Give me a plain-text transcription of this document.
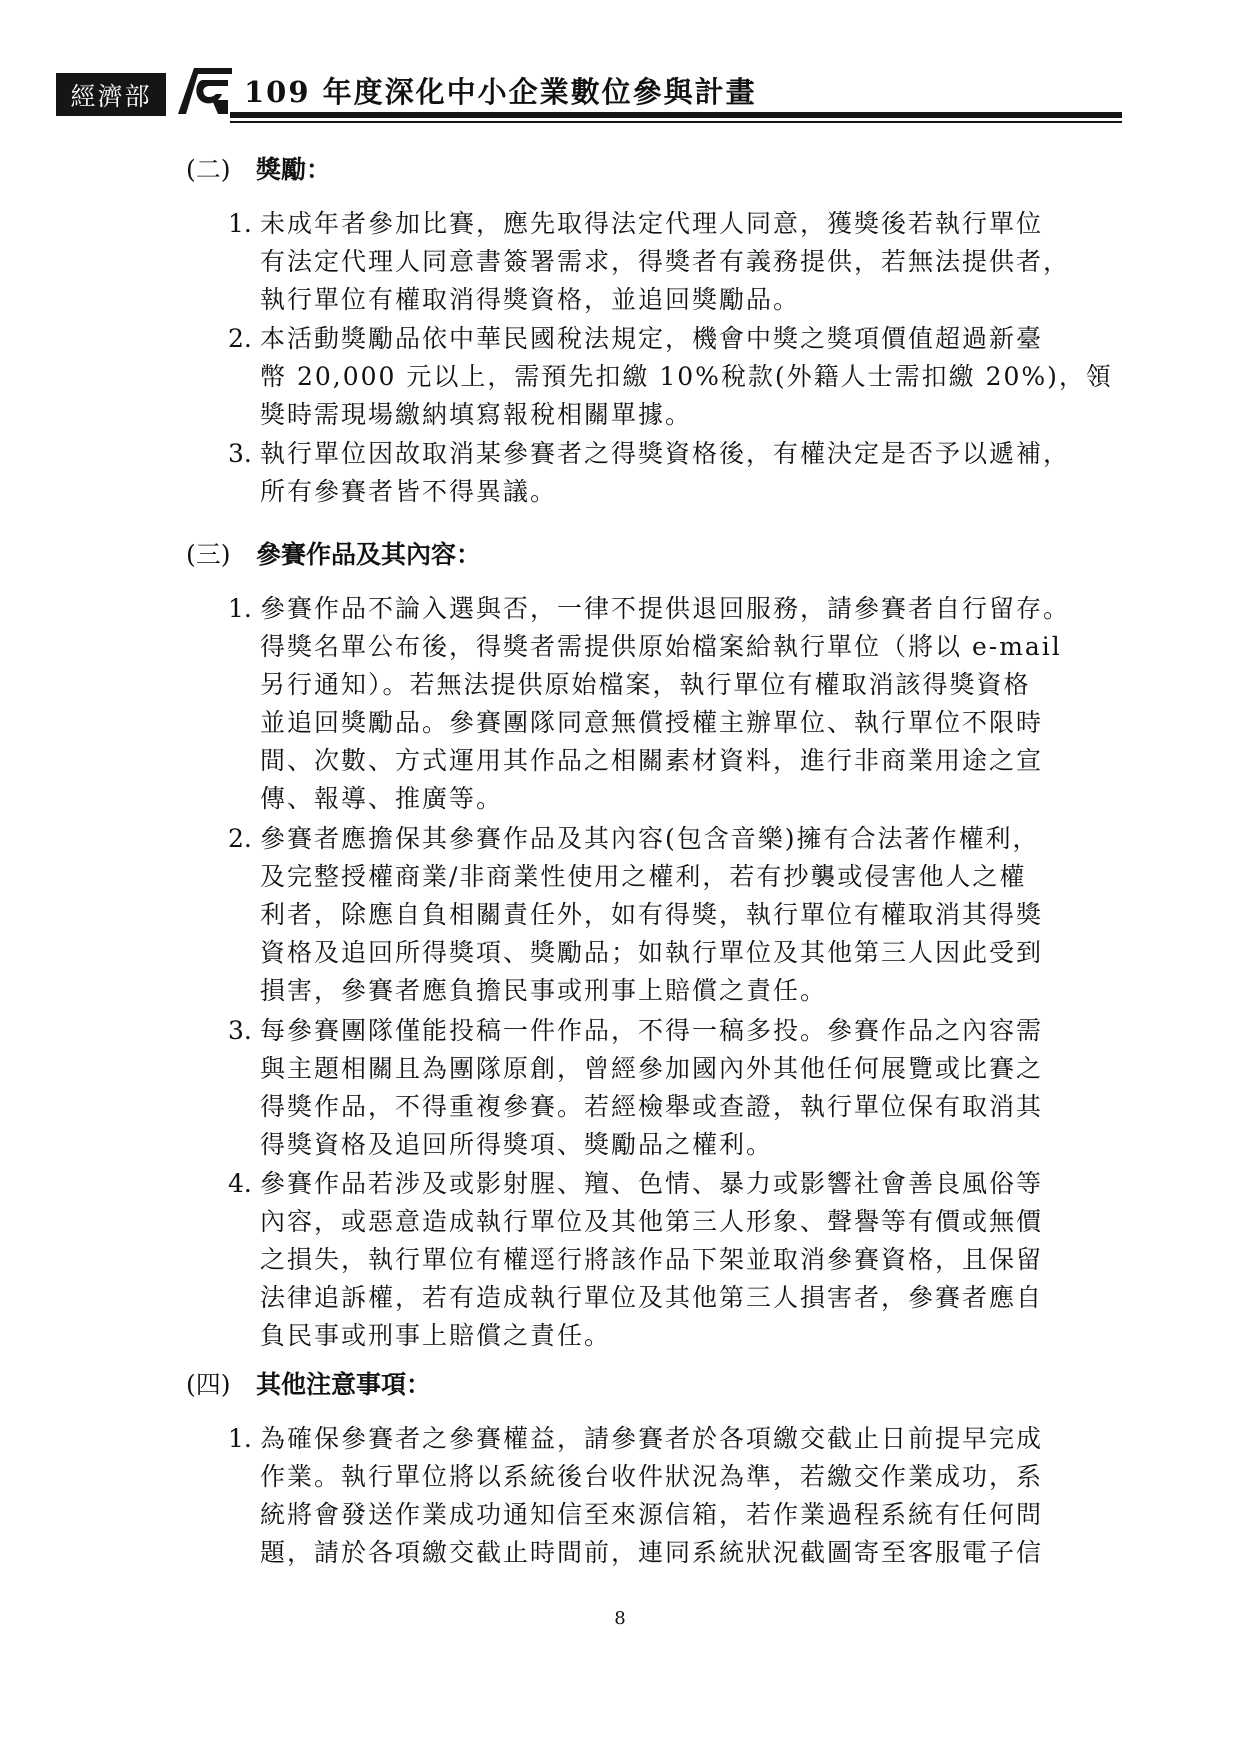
經濟部	109 年度深化中小企業數位參與計畫
(二) 獎勵：
1. 未成年者參加比賽，應先取得法定代理人同意，獲獎後若執行單位
有法定代理人同意書簽署需求，得獎者有義務提供，若無法提供者，
執行單位有權取消得獎資格，並追回獎勵品。
2. 本活動獎勵品依中華民國稅法規定，機會中獎之獎項價值超過新臺
幣 20,000 元以上，需預先扣繳 10%稅款(外籍人士需扣繳 20%)，領
獎時需現場繳納填寫報稅相關單據。
3. 執行單位因故取消某參賽者之得獎資格後，有權決定是否予以遞補，
所有參賽者皆不得異議。
(三) 參賽作品及其內容：
1. 參賽作品不論入選與否，一律不提供退回服務，請參賽者自行留存。
得獎名單公布後，得獎者需提供原始檔案給執行單位（將以 e-mail
另行通知）。若無法提供原始檔案，執行單位有權取消該得獎資格
並追回獎勵品。參賽團隊同意無償授權主辦單位、執行單位不限時
間、次數、方式運用其作品之相關素材資料，進行非商業用途之宣
傳、報導、推廣等。
2. 參賽者應擔保其參賽作品及其內容(包含音樂)擁有合法著作權利，
及完整授權商業/非商業性使用之權利，若有抄襲或侵害他人之權
利者，除應自負相關責任外，如有得獎，執行單位有權取消其得獎
資格及追回所得獎項、獎勵品；如執行單位及其他第三人因此受到
損害，參賽者應負擔民事或刑事上賠償之責任。
3. 每參賽團隊僅能投稿一件作品，不得一稿多投。參賽作品之內容需
與主題相關且為團隊原創，曾經參加國內外其他任何展覽或比賽之
得獎作品，不得重複參賽。若經檢舉或查證，執行單位保有取消其
得獎資格及追回所得獎項、獎勵品之權利。
4. 參賽作品若涉及或影射腥、羶、色情、暴力或影響社會善良風俗等
內容，或惡意造成執行單位及其他第三人形象、聲譽等有價或無價
之損失，執行單位有權逕行將該作品下架並取消參賽資格，且保留
法律追訴權，若有造成執行單位及其他第三人損害者，參賽者應自
負民事或刑事上賠償之責任。
(四) 其他注意事項：
1. 為確保參賽者之參賽權益，請參賽者於各項繳交截止日前提早完成
作業。執行單位將以系統後台收件狀況為準，若繳交作業成功，系
統將會發送作業成功通知信至來源信箱，若作業過程系統有任何問
題，請於各項繳交截止時間前，連同系統狀況截圖寄至客服電子信
8
